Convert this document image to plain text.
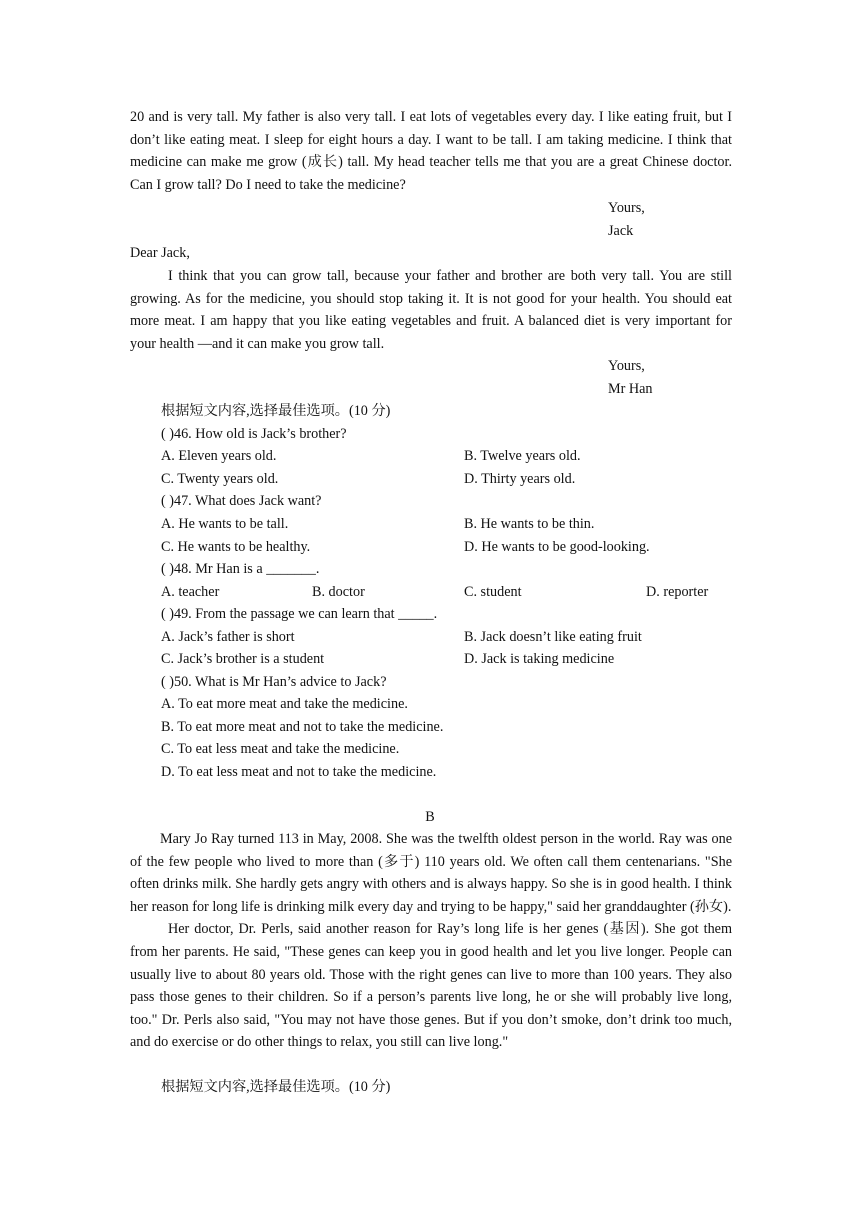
20 and is very tall. My father is also very tall. I eat lots of vegetables every day. I like eating fruit, but I don’t like eating meat. I sleep for eight hours a day. I want to be tall. I am taking medicine. I think that medicine can make me grow (成长) tall. My head teacher tells me that you are a great Chinese doctor. Can I grow tall? Do I need to take the medicine?

Yours,
Jack
Dear Jack,

I think that you can grow tall, because your father and brother are both very tall. You are still growing. As for the medicine, you should stop taking it. It is not good for your health. You should eat more meat. I am happy that you like eating vegetables and fruit. A balanced diet is very important for your health —and it can make you grow tall.

Yours,
Mr Han
根据短文内容,选择最佳选项。(10 分)
( )46. How old is Jack’s brother?
A. Eleven years old.	B. Twelve years old.
C. Twenty years old.	D. Thirty years old.
( )47. What does Jack want?
A. He wants to be tall.	B. He wants to be thin.
C. He wants to be healthy.	D. He wants to be good-looking.
( )48. Mr Han is a _______.
A. teacher	B. doctor	C. student	D. reporter
( )49. From the passage we can learn that _____.
A. Jack’s father is short	B. Jack doesn’t like eating fruit
C. Jack’s brother is a student	D. Jack is taking medicine
( )50. What is Mr Han’s advice to Jack?
A. To eat more meat and take the medicine.
B. To eat more meat and not to take the medicine.
C. To eat less meat and take the medicine.
D. To eat less meat and not to take the medicine.
B

Mary Jo Ray turned 113 in May, 2008. She was the twelfth oldest person in the world. Ray was one of the few people who lived to more than (多于) 110 years old. We often call them centenarians. "She often drinks milk. She hardly gets angry with others and is always happy. So she is in good health. I think her reason for long life is drinking milk every day and trying to be happy," said her granddaughter (孙女).

Her doctor, Dr. Perls, said another reason for Ray’s long life is her genes (基因). She got them from her parents. He said, "These genes can keep you in good health and let you live longer. People can usually live to about 80 years old. Those with the right genes can live to more than 100 years. They also pass those genes to their children. So if a person’s parents live long, he or she will probably live long, too." Dr. Perls also said, "You may not have those genes. But if you don’t smoke, don’t drink too much, and do exercise or do other things to relax, you still can live long."

根据短文内容,选择最佳选项。(10 分)
